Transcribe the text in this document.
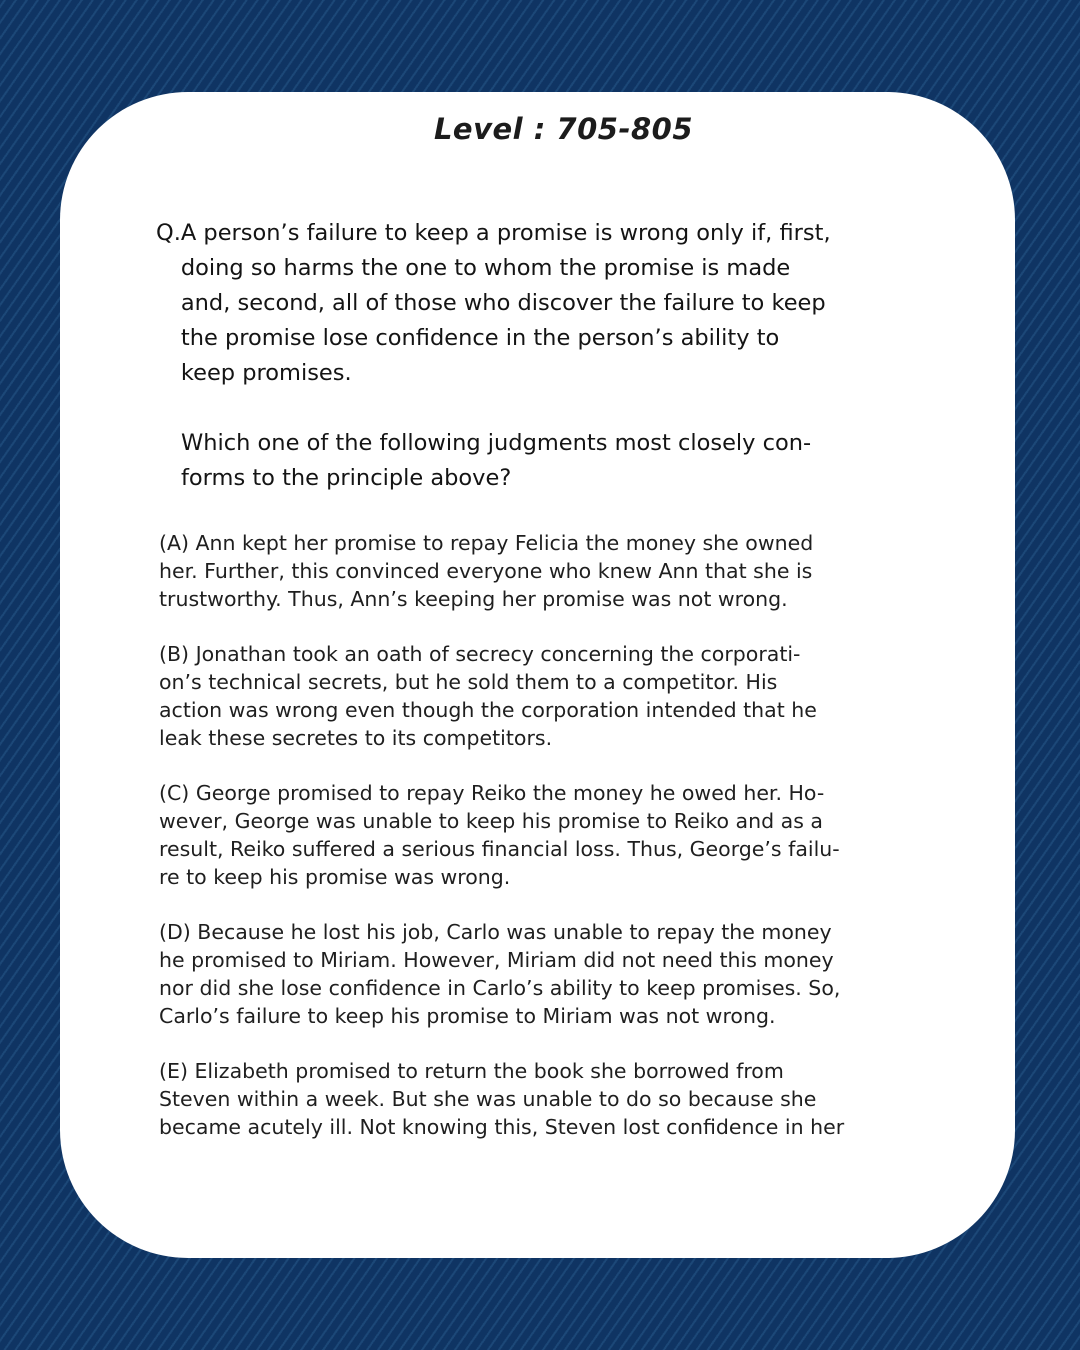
Level : 705-805
Q. A person’s failure to keep a promise is wrong only if, first,
doing so harms the one to whom the promise is made
and, second, all of those who discover the failure to keep
the promise lose confidence in the person’s ability to
keep promises.
Which one of the following judgments most closely con-
forms to the principle above?

(A) Ann kept her promise to repay Felicia the money she owned
her. Further, this convinced everyone who knew Ann that she is
trustworthy. Thus, Ann’s keeping her promise was not wrong.

(B) Jonathan took an oath of secrecy concerning the corporati-
on’s technical secrets, but he sold them to a competitor. His
action was wrong even though the corporation intended that he
leak these secretes to its competitors.

(C) George promised to repay Reiko the money he owed her. Ho-
wever, George was unable to keep his promise to Reiko and as a
result, Reiko suffered a serious financial loss. Thus, George’s failu-
re to keep his promise was wrong.

(D) Because he lost his job, Carlo was unable to repay the money
he promised to Miriam. However, Miriam did not need this money
nor did she lose confidence in Carlo’s ability to keep promises. So,
Carlo’s failure to keep his promise to Miriam was not wrong.

(E) Elizabeth promised to return the book she borrowed from
Steven within a week. But she was unable to do so because she
became acutely ill. Not knowing this, Steven lost confidence in her
